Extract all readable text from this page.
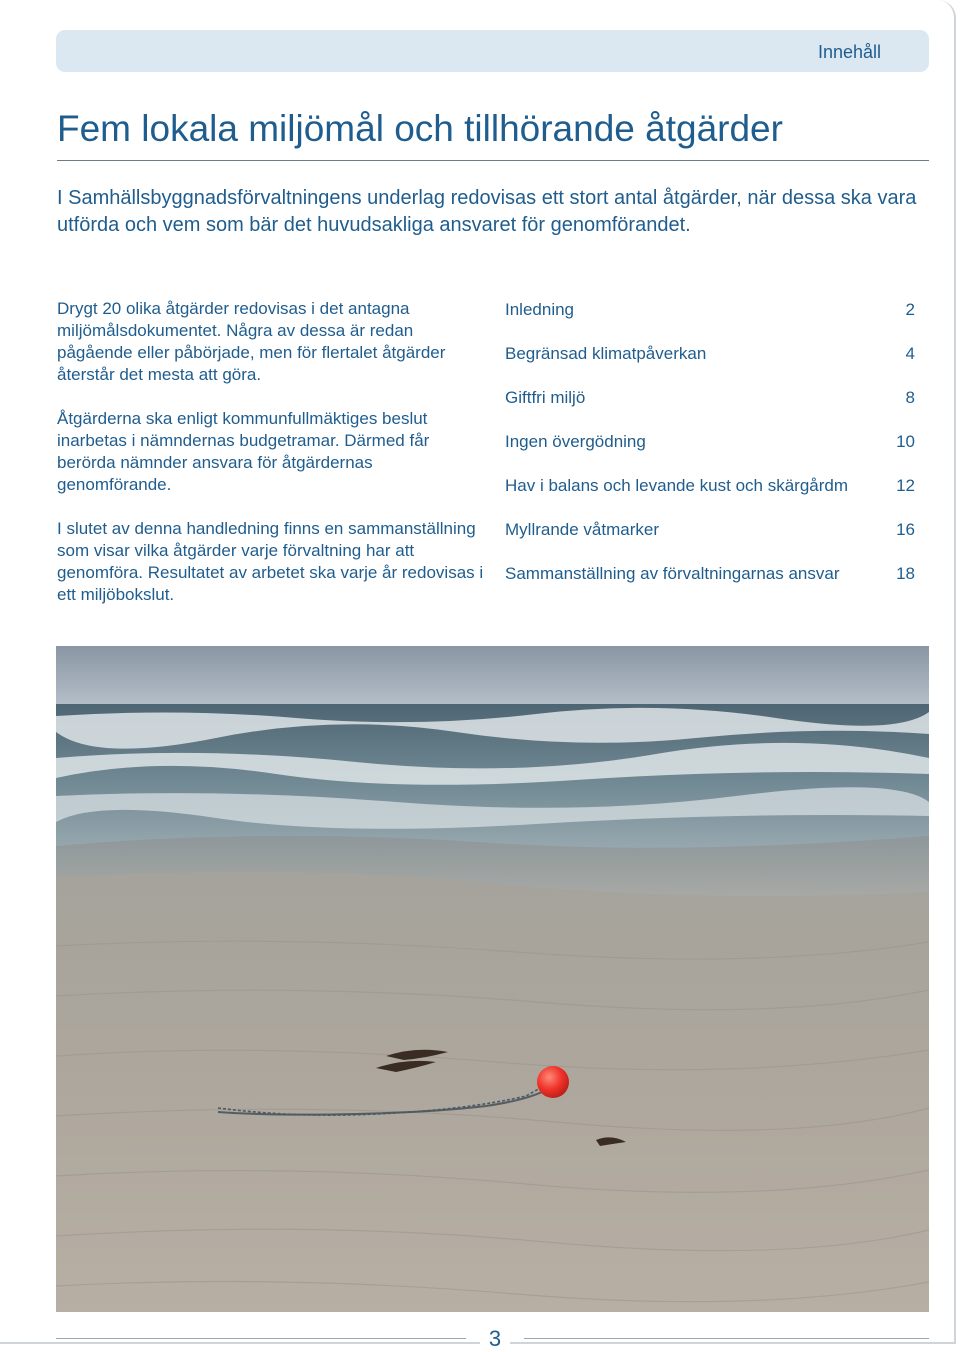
Innehåll
Fem lokala miljömål och tillhörande åtgärder

I Samhällsbyggnadsförvaltningens underlag redovisas ett stort antal åtgärder, när dessa ska vara utförda och vem som bär det huvudsakliga ansvaret för genomförandet.

Drygt 20 olika åtgärder redovisas i det antagna miljömålsdokumentet. Några av dessa är redan pågående eller påbörjade, men för flertalet åtgärder återstår det mesta att göra.

Åtgärderna ska enligt kommunfullmäktiges beslut inarbetas i nämndernas budgetramar. Därmed får berörda nämnder ansvara för åtgärdernas genomförande.

I slutet av denna handledning finns en sammanställning som visar vilka åtgärder varje förvaltning har att genomföra. Resultatet av arbetet ska varje år redovisas i ett miljöbokslut.

Inledning	2
Begränsad klimatpåverkan	4
Giftfri miljö	8
Ingen övergödning	10
Hav i balans och levande kust och skärgårdm	12
Myllrande våtmarker	16
Sammanställning av förvaltningarnas ansvar	18
3
